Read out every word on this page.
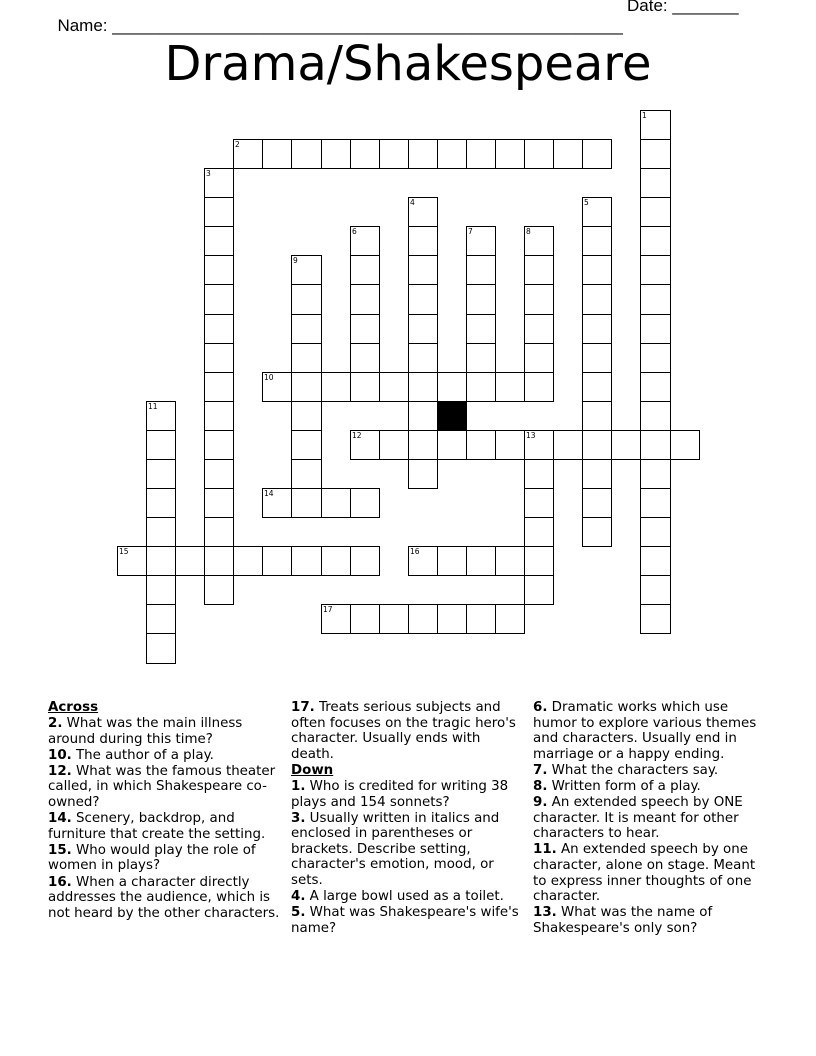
Name: ______________________________________________________

Date: _______

Drama/Shakespeare
2
10
12	13
14
15	16
17
1
3
4	5
6	7	8
9
11

Across

2. What was the main illness around during this time?

10. The author of a play.

12. What was the famous theater called, in which Shakespeare co-owned?

14. Scenery, backdrop, and furniture that create the setting.

15. Who would play the role of women in plays?

16. When a character directly addresses the audience, which is not heard by the other characters.

17. Treats serious subjects and often focuses on the tragic hero's character. Usually ends with death.

Down

1. Who is credited for writing 38 plays and 154 sonnets?

3. Usually written in italics and enclosed in parentheses or brackets. Describe setting, character's emotion, mood, or sets.

4. A large bowl used as a toilet.

5. What was Shakespeare's wife's name?

6. Dramatic works which use humor to explore various themes and characters. Usually end in marriage or a happy ending.

7. What the characters say.

8. Written form of a play.

9. An extended speech by ONE character. It is meant for other characters to hear.

11. An extended speech by one character, alone on stage. Meant to express inner thoughts of one character.

13. What was the name of Shakespeare's only son?
